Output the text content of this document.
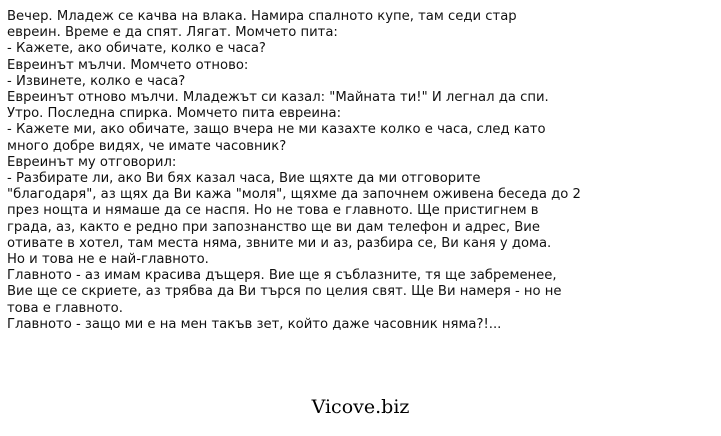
Вечер. Младеж се качва на влака. Намира спалното купе, там седи стар
евреин. Време е да спят. Лягат. Момчето пита:
- Кажете, ако обичате, колко е часа?
Евреинът мълчи. Момчето отново:
- Извинете, колко е часа?
Евреинът отново мълчи. Младежът си казал: "Майната ти!" И легнал да спи.
Утро. Последна спирка. Момчето пита евреина:
- Кажете ми, ако обичате, защо вчера не ми казахте колко е часа, след като
много добре видях, че имате часовник?
Евреинът му отговорил:
- Разбирате ли, ако Ви бях казал часа, Вие щяхте да ми отговорите
"благодаря", аз щях да Ви кажа "моля", щяхме да започнем оживена беседа до 2
през нощта и нямаше да се наспя. Но не това е главното. Ще пристигнем в
града, аз, както е редно при запознанство ще ви дам телефон и адрес, Вие
отивате в хотел, там места няма, звните ми и аз, разбира се, Ви каня у дома.
Но и това не е най-главното.
Главното - аз имам красива дъщеря. Вие ще я съблазните, тя ще забременее,
Вие ще се скриете, аз трябва да Ви търся по целия свят. Ще Ви намеря - но не
това е главното.
Главното - защо ми е на мен такъв зет, който даже часовник няма?!...
Vicove.biz
